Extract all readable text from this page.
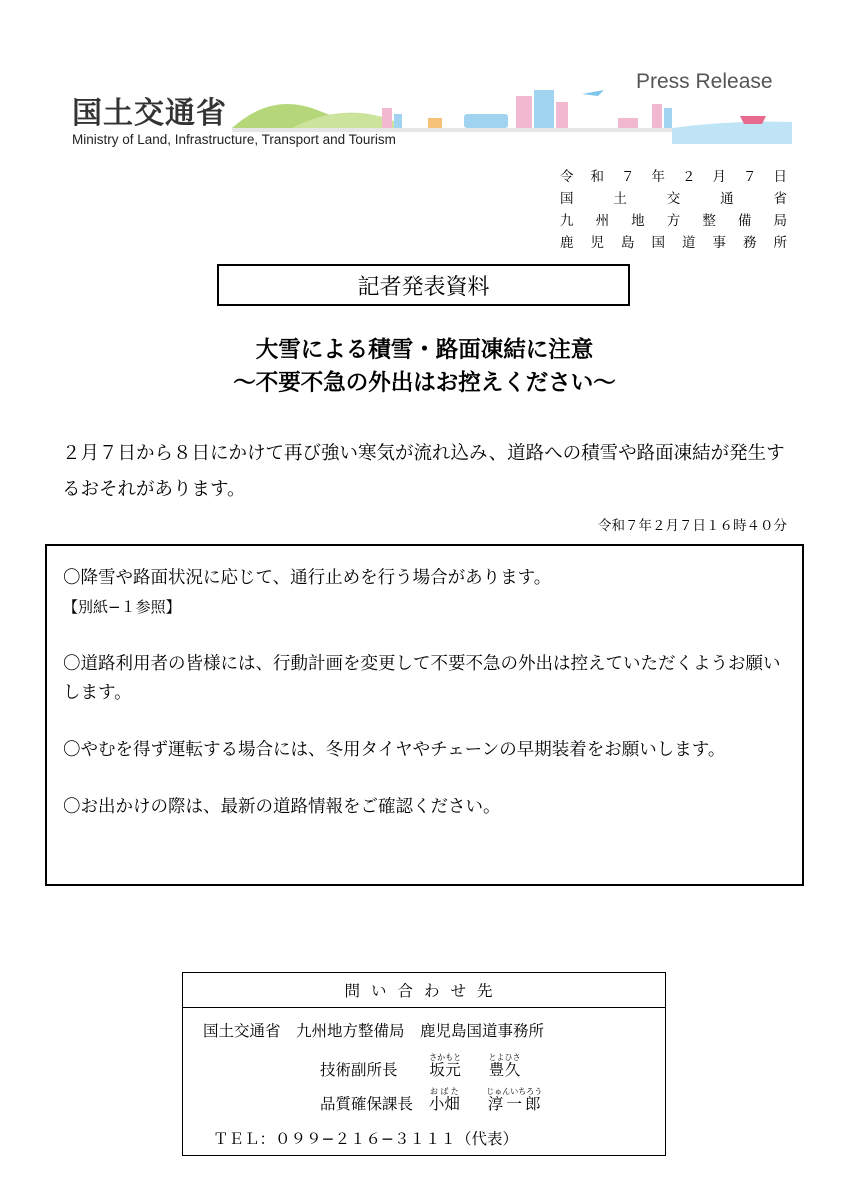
国土交通省
Ministry of Land, Infrastructure, Transport and Tourism
Press Release
令和７年２月７日
国土交通省
九州地方整備局
鹿児島国道事務所
記者発表資料
大雪による積雪・路面凍結に注意
～不要不急の外出はお控えください～
２月７日から８日にかけて再び強い寒気が流れ込み、道路への積雪や路面凍結が発生するおそれがあります。
令和７年２月７日１６時４０分

〇降雪や路面状況に応じて、通行止めを行う場合があります。
【別紙−１参照】

〇道路利用者の皆様には、行動計画を変更して不要不急の外出は控えていただくようお願いします。

〇やむを得ず運転する場合には、冬用タイヤやチェーンの早期装着をお願いします。

〇お出かけの際は、最新の道路情報をご確認ください。

問い合わせ先
国土交通省　九州地方整備局　鹿児島国道事務所
技術副所長 坂元さかもと  豊久とよひさ
品質確保課長 小畑おばた  淳一郎じゅんいちろう
ＴＥＬ：０９９−２１６−３１１１（代表）
